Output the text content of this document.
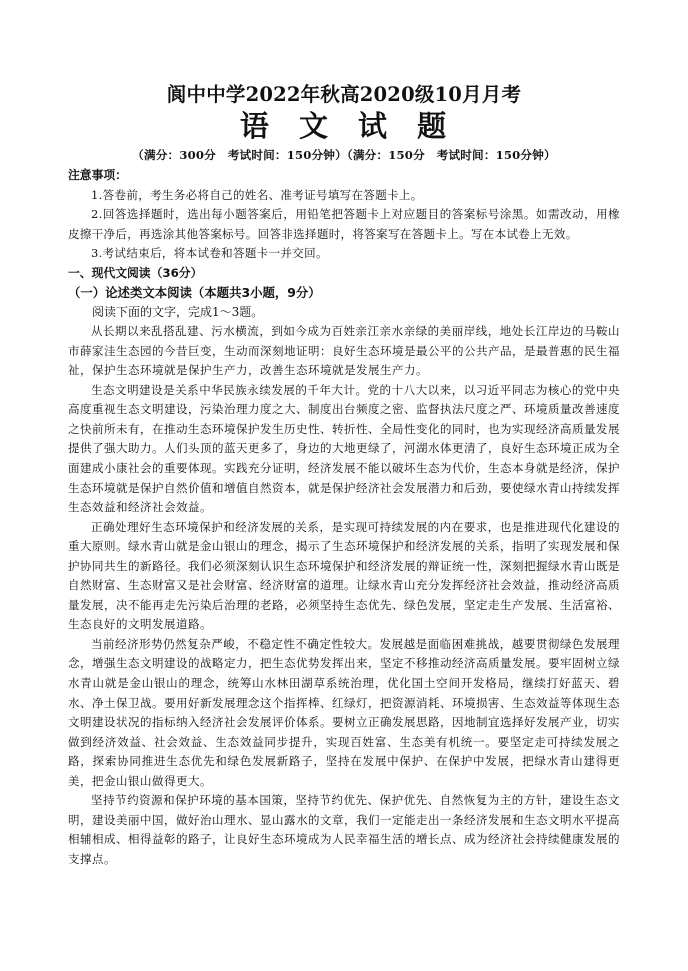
阆中中学2022年秋高2020级10月月考
语 文 试 题
（满分：300分　考试时间：150分钟）（满分：150分　考试时间：150分钟）
注意事项：

1.答卷前，考生务必将自己的姓名、准考证号填写在答题卡上。

2.回答选择题时，选出每小题答案后，用铅笔把答题卡上对应题目的答案标号涂黑。如需改动，用橡皮擦干净后，再选涂其他答案标号。回答非选择题时，将答案写在答题卡上。写在本试卷上无效。

3.考试结束后，将本试卷和答题卡一并交回。

一、现代文阅读（36分）
（一）论述类文本阅读（本题共3小题，9分）

阅读下面的文字，完成1～3题。

从长期以来乱搭乱建、污水横流，到如今成为百姓亲江亲水亲绿的美丽岸线，地处长江岸边的马鞍山市薛家洼生态园的今昔巨变，生动而深刻地证明：良好生态环境是最公平的公共产品，是最普惠的民生福祉，保护生态环境就是保护生产力，改善生态环境就是发展生产力。

生态文明建设是关系中华民族永续发展的千年大计。党的十八大以来，以习近平同志为核心的党中央高度重视生态文明建设，污染治理力度之大、制度出台频度之密、监督执法尺度之严、环境质量改善速度之快前所未有，在推动生态环境保护发生历史性、转折性、全局性变化的同时，也为实现经济高质量发展提供了强大助力。人们头顶的蓝天更多了，身边的大地更绿了，河湖水体更清了，良好生态环境正成为全面建成小康社会的重要体现。实践充分证明，经济发展不能以破坏生态为代价，生态本身就是经济，保护生态环境就是保护自然价值和增值自然资本，就是保护经济社会发展潜力和后劲，要使绿水青山持续发挥生态效益和经济社会效益。

正确处理好生态环境保护和经济发展的关系，是实现可持续发展的内在要求，也是推进现代化建设的重大原则。绿水青山就是金山银山的理念，揭示了生态环境保护和经济发展的关系，指明了实现发展和保护协同共生的新路径。我们必须深刻认识生态环境保护和经济发展的辩证统一性，深刻把握绿水青山既是自然财富、生态财富又是社会财富、经济财富的道理。让绿水青山充分发挥经济社会效益，推动经济高质量发展，决不能再走先污染后治理的老路，必须坚持生态优先、绿色发展，坚定走生产发展、生活富裕、生态良好的文明发展道路。

当前经济形势仍然复杂严峻，不稳定性不确定性较大。发展越是面临困难挑战，越要贯彻绿色发展理念，增强生态文明建设的战略定力，把生态优势发挥出来，坚定不移推动经济高质量发展。要牢固树立绿水青山就是金山银山的理念，统筹山水林田湖草系统治理，优化国土空间开发格局，继续打好蓝天、碧水、净土保卫战。要用好新发展理念这个指挥棒、红绿灯，把资源消耗、环境损害、生态效益等体现生态文明建设状况的指标纳入经济社会发展评价体系。要树立正确发展思路，因地制宜选择好发展产业，切实做到经济效益、社会效益、生态效益同步提升，实现百姓富、生态美有机统一。要坚定走可持续发展之路，探索协同推进生态优先和绿色发展新路子，坚持在发展中保护、在保护中发展，把绿水青山建得更美，把金山银山做得更大。

坚持节约资源和保护环境的基本国策，坚持节约优先、保护优先、自然恢复为主的方针，建设生态文明，建设美丽中国，做好治山理水、显山露水的文章，我们一定能走出一条经济发展和生态文明水平提高相辅相成、相得益彰的路子，让良好生态环境成为人民幸福生活的增长点、成为经济社会持续健康发展的支撑点。
